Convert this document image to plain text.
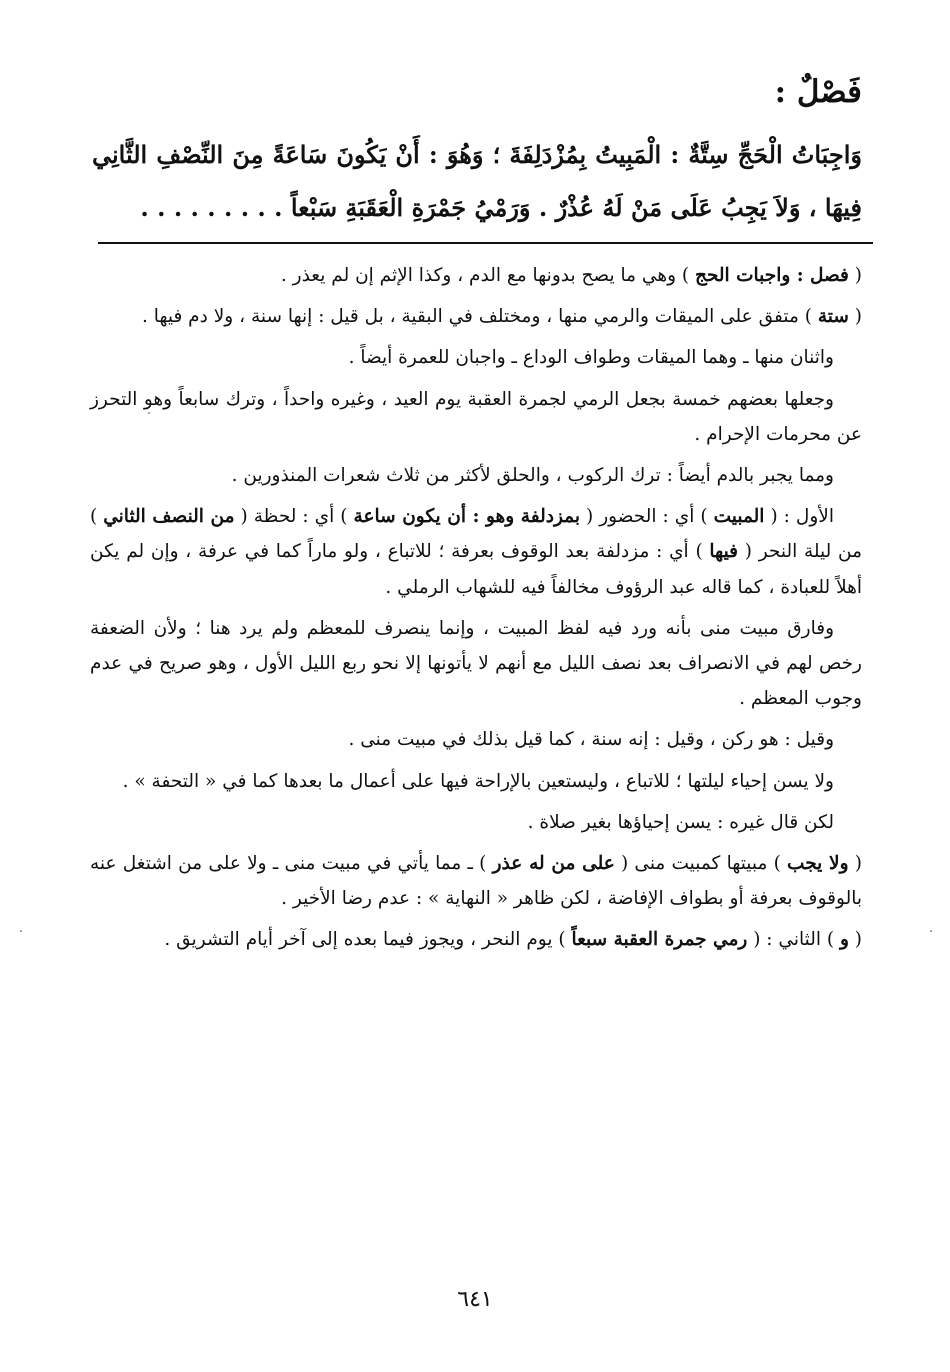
فَصْلٌ :
وَاجِبَاتُ الْحَجِّ سِتَّةٌ : الْمَبِيتُ بِمُزْدَلِفَةَ ؛ وَهُوَ : أَنْ يَكُونَ سَاعَةً مِنَ النِّصْفِ الثَّانِي فِيهَا ، وَلاَ يَجِبُ عَلَى مَنْ لَهُ عُذْرٌ . وَرَمْيُ جَمْرَةِ الْعَقَبَةِ سَبْعاً . . . . . . . . .

( فصل : واجبات الحج ) وهي ما يصح بدونها مع الدم ، وكذا الإثم إن لم يعذر .

( ستة ) متفق على الميقات والرمي منها ، ومختلف في البقية ، بل قيل : إنها سنة ، ولا دم فيها .

واثنان منها ـ وهما الميقات وطواف الوداع ـ واجبان للعمرة أيضاً .

وجعلها بعضهم خمسة بجعل الرمي لجمرة العقبة يوم العيد ، وغيره واحداً ، وترك سابعاً وهو التحرز عن محرمات الإحرام .

ومما يجبر بالدم أيضاً : ترك الركوب ، والحلق لأكثر من ثلاث شعرات المنذورين .

الأول : ( المبيت ) أي : الحضور ( بمزدلفة وهو : أن يكون ساعة ) أي : لحظة ( من النصف الثاني ) من ليلة النحر ( فيها ) أي : مزدلفة بعد الوقوف بعرفة ؛ للاتباع ، ولو ماراً كما في عرفة ، وإن لم يكن أهلاً للعبادة ، كما قاله عبد الرؤوف مخالفاً فيه للشهاب الرملي .

وفارق مبيت منى بأنه ورد فيه لفظ المبيت ، وإنما ينصرف للمعظم ولم يرد هنا ؛ ولأن الضعفة رخص لهم في الانصراف بعد نصف الليل مع أنهم لا يأتونها إلا نحو ربع الليل الأول ، وهو صريح في عدم وجوب المعظم .

وقيل : هو ركن ، وقيل : إنه سنة ، كما قيل بذلك في مبيت منى .

ولا يسن إحياء ليلتها ؛ للاتباع ، وليستعين بالإراحة فيها على أعمال ما بعدها كما في « التحفة » .

لكن قال غيره : يسن إحياؤها بغير صلاة .

( ولا يجب ) مبيتها كمبيت منى ( على من له عذر ) ـ مما يأتي في مبيت منى ـ ولا على من اشتغل عنه بالوقوف بعرفة أو بطواف الإفاضة ، لكن ظاهر « النهاية » : عدم رضا الأخير .

( و ) الثاني : ( رمي جمرة العقبة سبعاً ) يوم النحر ، ويجوز فيما بعده إلى آخر أيام التشريق .

٦٤١
